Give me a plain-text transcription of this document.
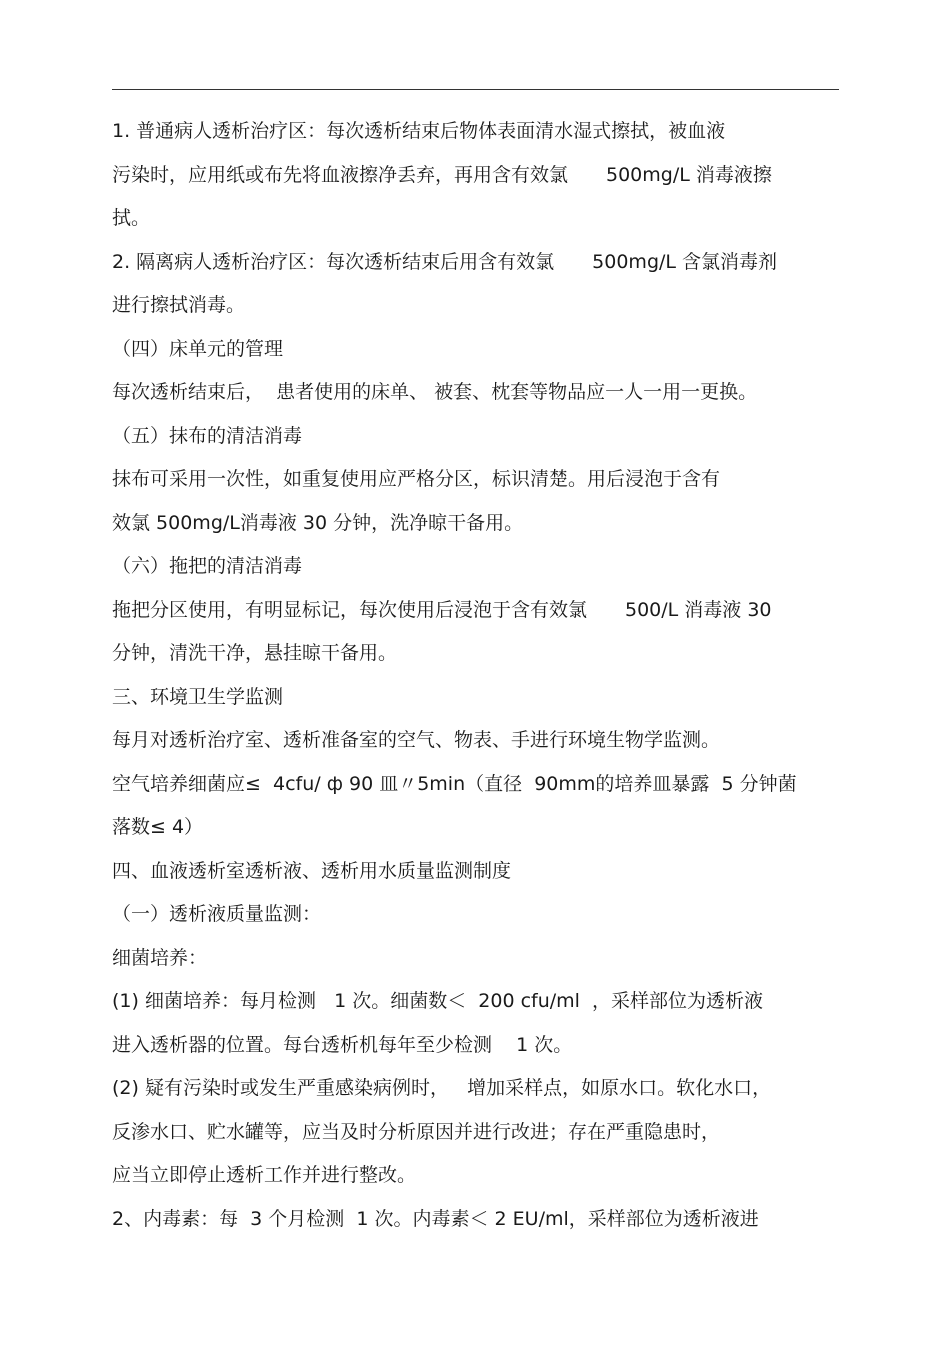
1. 普通病人透析治疗区：每次透析结束后物体表面清水湿式擦拭，被血液
污染时，应用纸或布先将血液擦净丢弃，再用含有效氯　　500mg/L 消毒液擦
拭。
2. 隔离病人透析治疗区：每次透析结束后用含有效氯　　500mg/L 含氯消毒剂
进行擦拭消毒。
（四）床单元的管理
每次透析结束后，  患者使用的床单、 被套、枕套等物品应一人一用一更换。
（五）抹布的清洁消毒
抹布可采用一次性，如重复使用应严格分区，标识清楚。用后浸泡于含有
效氯 500mg/L消毒液 30 分钟，洗净晾干备用。
（六）拖把的清洁消毒
拖把分区使用，有明显标记，每次使用后浸泡于含有效氯　　500/L 消毒液 30
分钟，清洗干净，悬挂晾干备用。
三、环境卫生学监测
每月对透析治疗室、透析准备室的空气、物表、手进行环境生物学监测。
空气培养细菌应≤  4cfu/ ф 90 皿〃5min（直径  90mm的培养皿暴露  5 分钟菌
落数≤ 4）
四、血液透析室透析液、透析用水质量监测制度
（一）透析液质量监测：
细菌培养：
(1) 细菌培养：每月检测   1 次。细菌数＜  200 cfu/ml  ，采样部位为透析液
进入透析器的位置。每台透析机每年至少检测    1 次。
(2) 疑有污染时或发生严重感染病例时，   增加采样点，如原水口。软化水口，
反渗水口、贮水罐等，应当及时分析原因并进行改进；存在严重隐患时，
应当立即停止透析工作并进行整改。
2、内毒素：每  3 个月检测  1 次。内毒素＜ 2 EU/ml，采样部位为透析液进
